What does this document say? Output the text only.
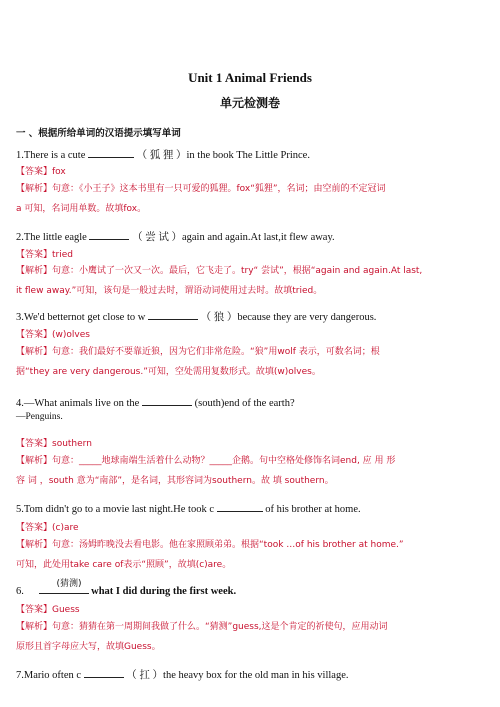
Unit 1 Animal Friends
单元检测卷
一 、根据所给单词的汉语提示填写单词
1.There is a cute	（ 狐 狸 ）in the book The Little Prince.
【答案】fox
【解析】句意：《小王子》这本书里有一只可爱的狐狸。fox“狐狸”，名词；由空前的不定冠词
a 可知，名词用单数。故填fox。
2.The little eagle	（ 尝 试 ）again and again.At last,it flew away.
【答案】tried
【解析】句意：小鹰试了一次又一次。最后，它飞走了。try“ 尝试”，根据“again and again.At last,
it flew away.”可知，该句是一般过去时，谓语动词使用过去时。故填tried。
3.We'd betternot get close to w	（ 狼 ）because they are very dangerous.
【答案】(w)olves
【解析】句意：我们最好不要靠近狼，因为它们非常危险。“狼”用wolf 表示，可数名词；根
据“they are very dangerous.”可知，空处需用复数形式。故填(w)olves。
4.—What animals live on the	(south)end of the earth?
—Penguins.
【答案】southern
【解析】句意：_____地球南端生活着什么动物？_____企鹅。句中空格处修饰名词end, 应 用 形
容 词 ，south 意为“南部”，是名词，其形容词为southern。故 填 southern。
5.Tom didn't go to a movie last night.He took c	of his brother at home.
【答案】(c)are
【解析】句意：汤姆昨晚没去看电影。他在家照顾弟弟。根据“took …of his brother at home.”
可知，此处用take care of表示“照顾”，故填(c)are。
6.
(猜测)
what I did during the first week.
【答案】Guess
【解析】句意：猜猜在第一周期间我做了什么。“猜测”guess,这是个肯定的祈使句，应用动词
原形且首字母应大写，故填Guess。
7.Mario often c	（ 扛 ）the heavy box for the old man in his village.
